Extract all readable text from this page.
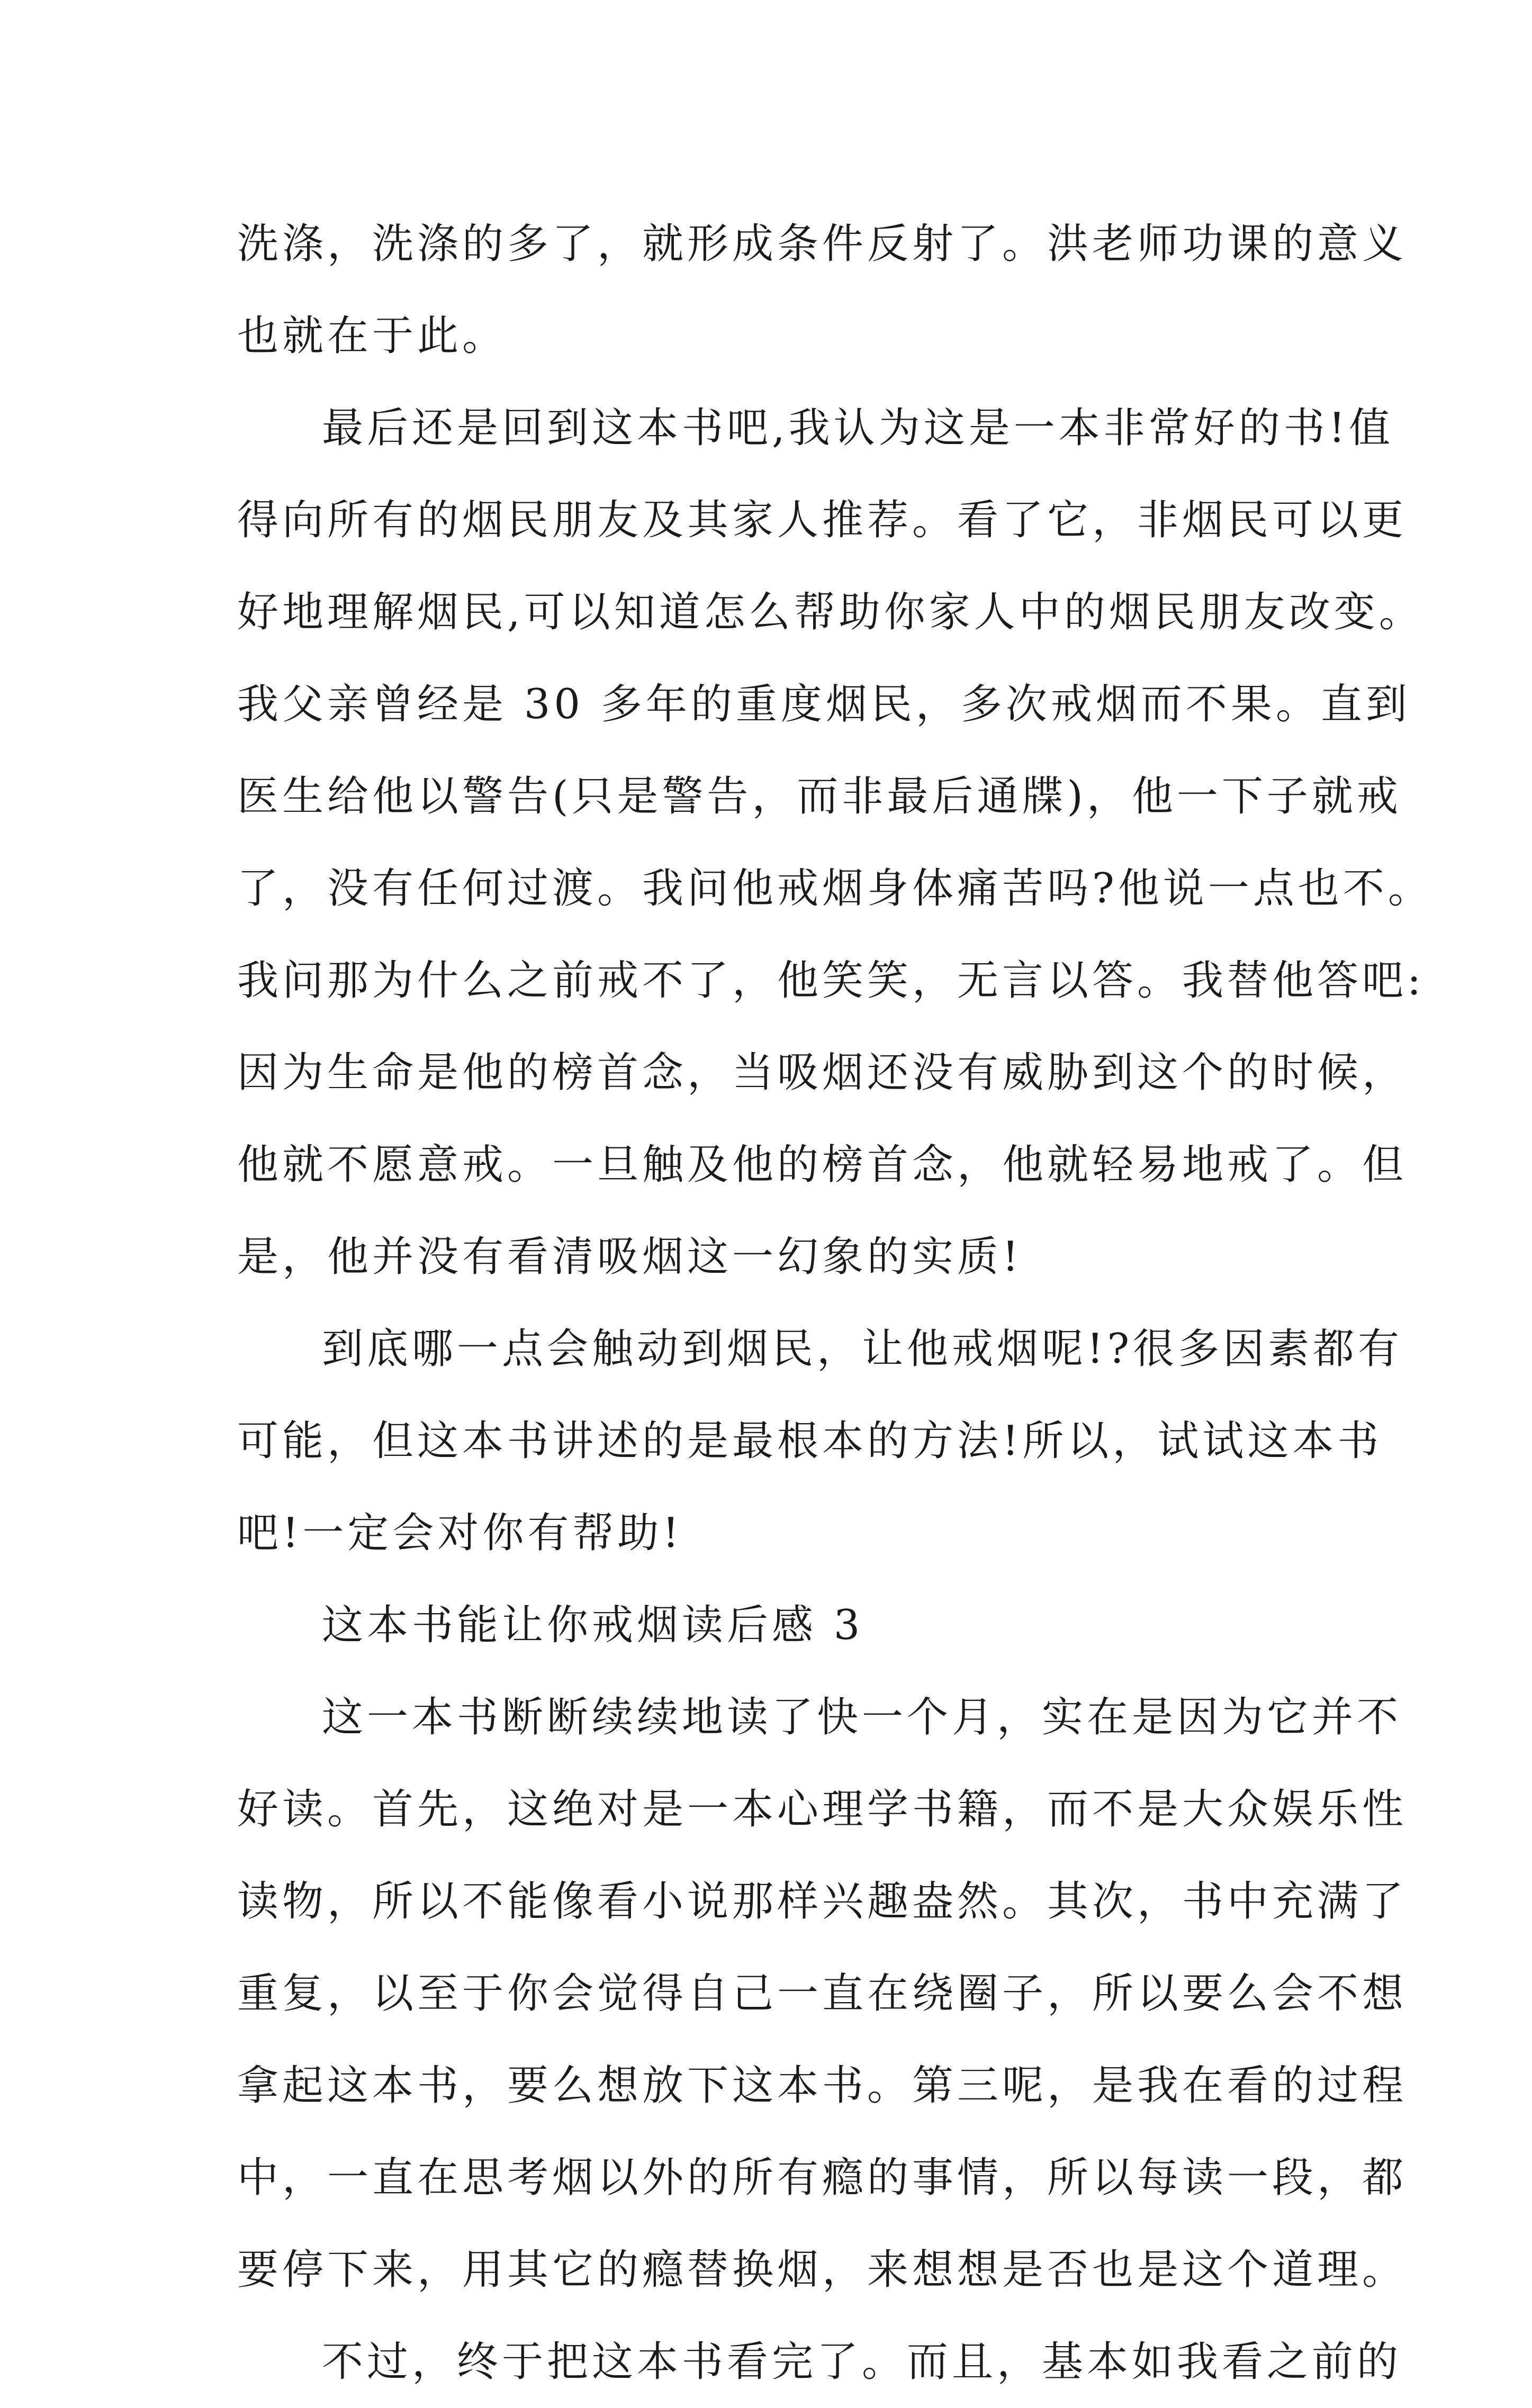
洗涤，洗涤的多了，就形成条件反射了。洪老师功课的意义
也就在于此。
最后还是回到这本书吧,我认为这是一本非常好的书!值
得向所有的烟民朋友及其家人推荐。看了它，非烟民可以更
好地理解烟民,可以知道怎么帮助你家人中的烟民朋友改变。
我父亲曾经是 30 多年的重度烟民，多次戒烟而不果。直到
医生给他以警告(只是警告，而非最后通牒)，他一下子就戒
了，没有任何过渡。我问他戒烟身体痛苦吗?他说一点也不。
我问那为什么之前戒不了，他笑笑，无言以答。我替他答吧:
因为生命是他的榜首念，当吸烟还没有威胁到这个的时候，
他就不愿意戒。一旦触及他的榜首念，他就轻易地戒了。但
是，他并没有看清吸烟这一幻象的实质!
到底哪一点会触动到烟民，让他戒烟呢!?很多因素都有
可能，但这本书讲述的是最根本的方法!所以，试试这本书
吧!一定会对你有帮助!
这本书能让你戒烟读后感 3
这一本书断断续续地读了快一个月，实在是因为它并不
好读。首先，这绝对是一本心理学书籍，而不是大众娱乐性
读物，所以不能像看小说那样兴趣盎然。其次，书中充满了
重复，以至于你会觉得自己一直在绕圈子，所以要么会不想
拿起这本书，要么想放下这本书。第三呢，是我在看的过程
中，一直在思考烟以外的所有瘾的事情，所以每读一段，都
要停下来，用其它的瘾替换烟，来想想是否也是这个道理。
不过，终于把这本书看完了。而且，基本如我看之前的
